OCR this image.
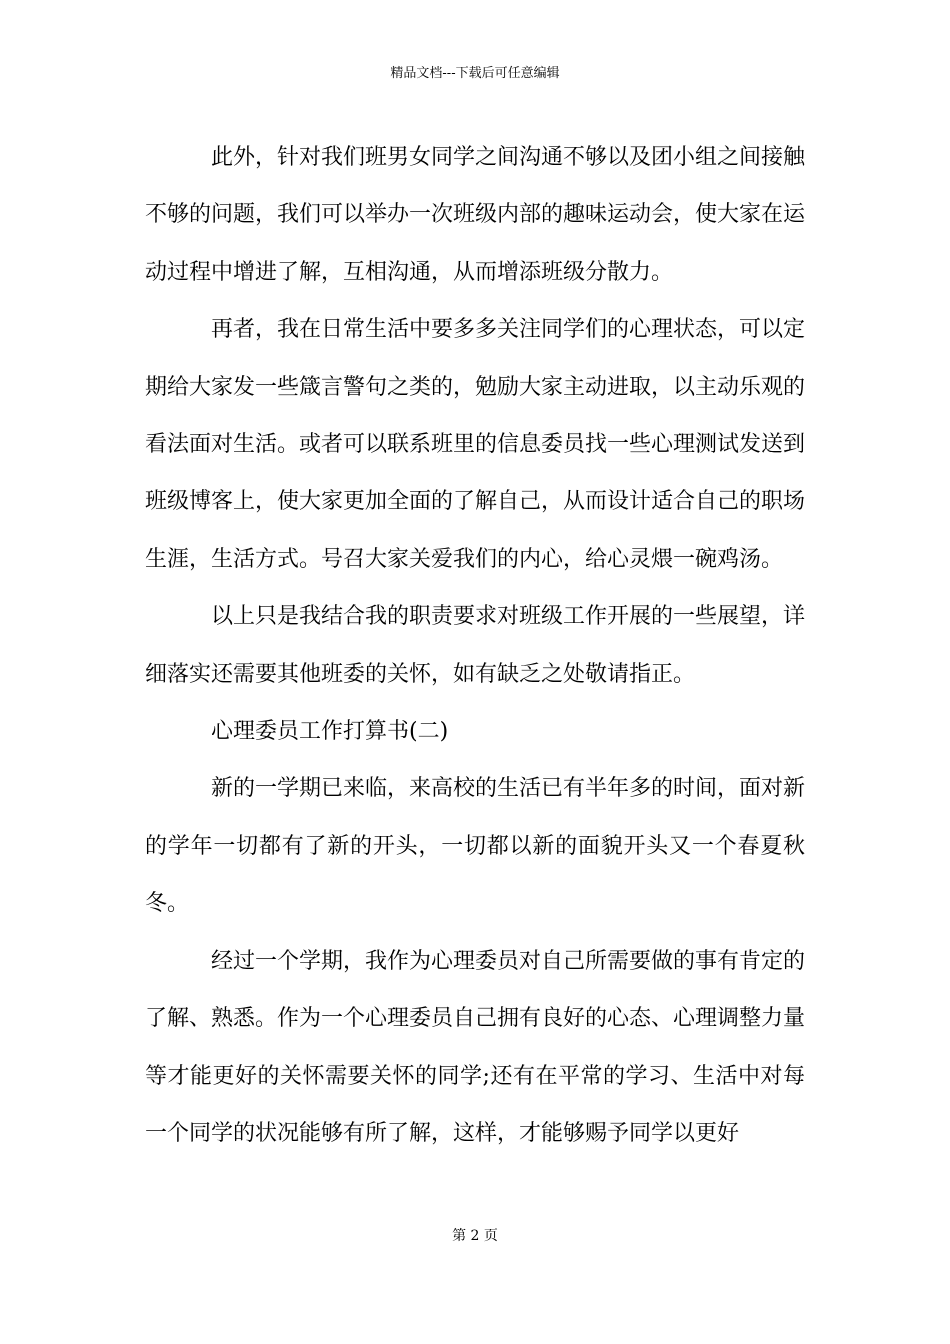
精品文档---下载后可任意编辑

此外，针对我们班男女同学之间沟通不够以及团小组之间接触不够的问题，我们可以举办一次班级内部的趣味运动会，使大家在运动过程中增进了解，互相沟通，从而增添班级分散力。

再者，我在日常生活中要多多关注同学们的心理状态，可以定期给大家发一些箴言警句之类的，勉励大家主动进取，以主动乐观的看法面对生活。或者可以联系班里的信息委员找一些心理测试发送到班级博客上，使大家更加全面的了解自己，从而设计适合自己的职场生涯，生活方式。号召大家关爱我们的内心，给心灵煨一碗鸡汤。

以上只是我结合我的职责要求对班级工作开展的一些展望，详细落实还需要其他班委的关怀，如有缺乏之处敬请指正。

心理委员工作打算书(二)

新的一学期已来临，来高校的生活已有半年多的时间，面对新的学年一切都有了新的开头，一切都以新的面貌开头又一个春夏秋冬。

经过一个学期，我作为心理委员对自己所需要做的事有肯定的了解、熟悉。作为一个心理委员自己拥有良好的心态、心理调整力量等才能更好的关怀需要关怀的同学;还有在平常的学习、生活中对每一个同学的状况能够有所了解，这样，才能够赐予同学以更好

第 2 页
